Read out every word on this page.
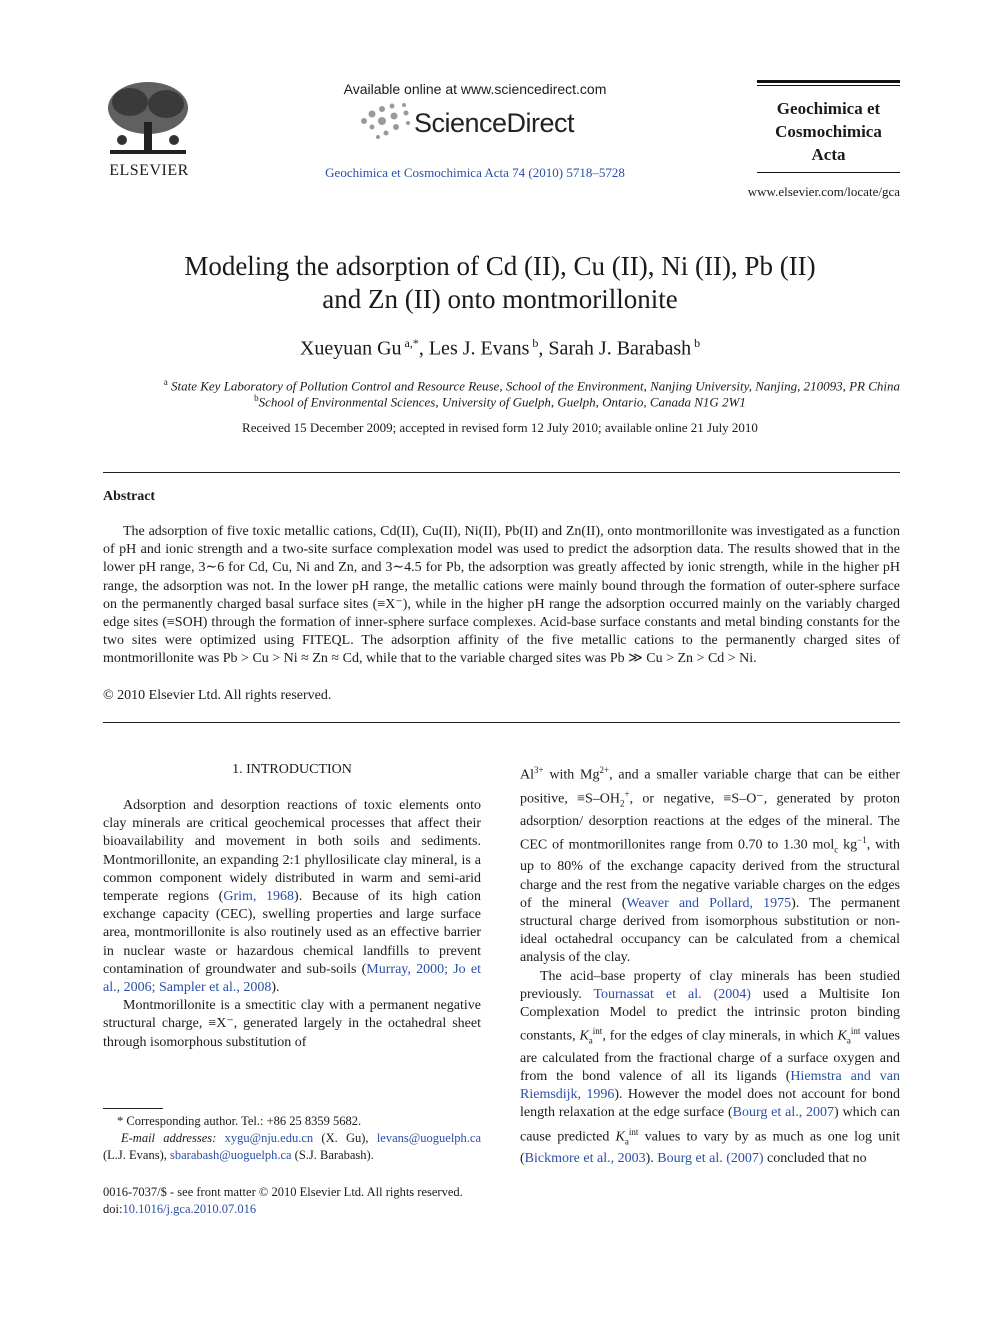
ELSEVIER
Available online at www.sciencedirect.com
ScienceDirect
Geochimica et Cosmochimica Acta 74 (2010) 5718–5728
Geochimica et
Cosmochimica
Acta
www.elsevier.com/locate/gca
Modeling the adsorption of Cd (II), Cu (II), Ni (II), Pb (II)
and Zn (II) onto montmorillonite
Xueyuan Gu $^{a,*}$, Les J. Evans $^b$, Sarah J. Barabash $^b$
$^a$ State Key Laboratory of Pollution Control and Resource Reuse, School of the Environment, Nanjing University, Nanjing, 210093, PR China
$^b$School of Environmental Sciences, University of Guelph, Guelph, Ontario, Canada N1G 2W1
Received 15 December 2009; accepted in revised form 12 July 2010; available online 21 July 2010
Abstract

The adsorption of five toxic metallic cations, Cd(II), Cu(II), Ni(II), Pb(II) and Zn(II), onto montmorillonite was investigated as a function of pH and ionic strength and a two-site surface complexation model was used to predict the adsorption data. The results showed that in the lower pH range, 3∼6 for Cd, Cu, Ni and Zn, and 3∼4.5 for Pb, the adsorption was greatly affected by ionic strength, while in the higher pH range, the adsorption was not. In the lower pH range, the metallic cations were mainly bound through the formation of outer-sphere surface on the permanently charged basal surface sites (≡X⁻), while in the higher pH range the adsorption occurred mainly on the variably charged edge sites (≡SOH) through the formation of inner-sphere surface complexes. Acid-base surface constants and metal binding constants for the two sites were optimized using FITEQL. The adsorption affinity of the five metallic cations to the permanently charged sites of montmorillonite was Pb > Cu > Ni ≈ Zn ≈ Cd, while that to the variable charged sites was Pb ≫ Cu > Zn > Cd > Ni.

© 2010 Elsevier Ltd. All rights reserved.
1. INTRODUCTION

Adsorption and desorption reactions of toxic elements onto clay minerals are critical geochemical processes that affect their bioavailability and movement in both soils and sediments. Montmorillonite, an expanding 2:1 phyllosilicate clay mineral, is a common component widely distributed in warm and semi-arid temperate regions (Grim, 1968). Because of its high cation exchange capacity (CEC), swelling properties and large surface area, montmorillonite is also routinely used as an effective barrier in nuclear waste or hazardous chemical landfills to prevent contamination of groundwater and sub-soils (Murray, 2000; Jo et al., 2006; Sampler et al., 2008).

Montmorillonite is a smectitic clay with a permanent negative structural charge, ≡X⁻, generated largely in the octahedral sheet through isomorphous substitution of

* Corresponding author. Tel.: +86 25 8359 5682.

E-mail addresses: xygu@nju.edu.cn (X. Gu), levans@uoguelph.ca (L.J. Evans), sbarabash@uoguelph.ca (S.J. Barabash).

0016-7037/$ - see front matter © 2010 Elsevier Ltd. All rights reserved.
doi:10.1016/j.gca.2010.07.016

$Al^{3+}$ with $Mg^{2+}$, and a smaller variable charge that can be either positive, $\equiv S-OH_2^+$, or negative, ≡S–O⁻, generated by proton adsorption/ desorption reactions at the edges of the mineral. The CEC of montmorillonites range from 0.70 to 1.30 mol$_c$ $kg^{-1}$, with up to 80% of the exchange capacity derived from the structural charge and the rest from the negative variable charges on the edges of the mineral (Weaver and Pollard, 1975). The permanent structural charge derived from isomorphous substitution or non-ideal octahedral occupancy can be calculated from a chemical analysis of the clay.

The acid–base property of clay minerals has been studied previously. Tournassat et al. (2004) used a Multisite Ion Complexation Model to predict the intrinsic proton binding constants, $K_a^{int}$, for the edges of clay minerals, in which $K_a^{int}$ values are calculated from the fractional charge of a surface oxygen and from the bond valence of all its ligands (Hiemstra and van Riemsdijk, 1996). However the model does not account for bond length relaxation at the edge surface (Bourg et al., 2007) which can cause predicted $K_a^{int}$ values to vary by as much as one log unit (Bickmore et al., 2003). Bourg et al. (2007) concluded that no
